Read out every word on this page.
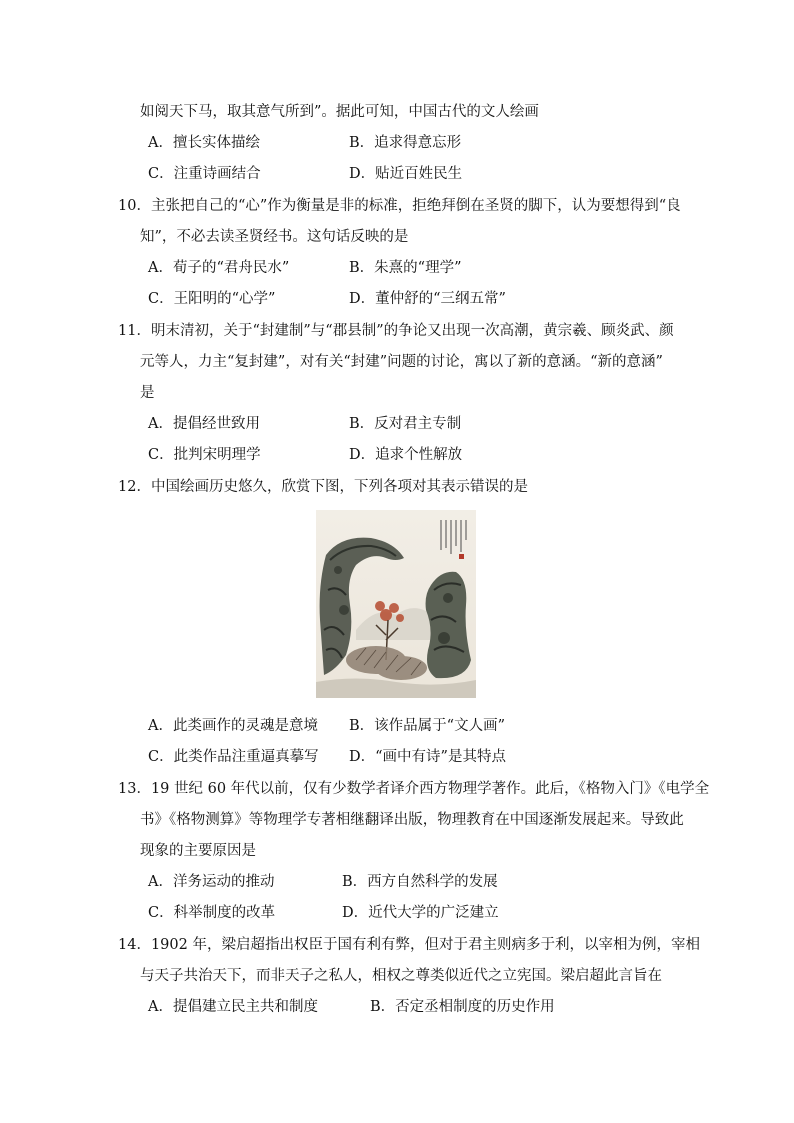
如阅天下马，取其意气所到”。据此可知，中国古代的文人绘画
A．擅长实体描绘	B．追求得意忘形
C．注重诗画结合	D．贴近百姓民生
10．主张把自己的“心”作为衡量是非的标准，拒绝拜倒在圣贤的脚下，认为要想得到“良
知”，不必去读圣贤经书。这句话反映的是
A．荀子的“君舟民水”	B．朱熹的“理学”
C．王阳明的“心学”	D．董仲舒的“三纲五常”
11．明末清初，关于“封建制”与“郡县制”的争论又出现一次高潮，黄宗羲、顾炎武、颜
元等人，力主“复封建”，对有关“封建”问题的讨论，寓以了新的意涵。“新的意涵”
是
A．提倡经世致用	B．反对君主专制
C．批判宋明理学	D．追求个性解放
12．中国绘画历史悠久，欣赏下图，下列各项对其表示错误的是
A．此类画作的灵魂是意境 B．该作品属于“文人画”
C．此类作品注重逼真摹写 D．“画中有诗”是其特点
13．19 世纪 60 年代以前，仅有少数学者译介西方物理学著作。此后，《格物入门》《电学全
书》《格物测算》等物理学专著相继翻译出版，物理教育在中国逐渐发展起来。导致此
现象的主要原因是
A．洋务运动的推动	B．西方自然科学的发展
C．科举制度的改革	D．近代大学的广泛建立
14．1902 年，梁启超指出权臣于国有利有弊，但对于君主则病多于利，以宰相为例，宰相
与天子共治天下，而非天子之私人，相权之尊类似近代之立宪国。梁启超此言旨在
A．提倡建立民主共和制度	B．否定丞相制度的历史作用
